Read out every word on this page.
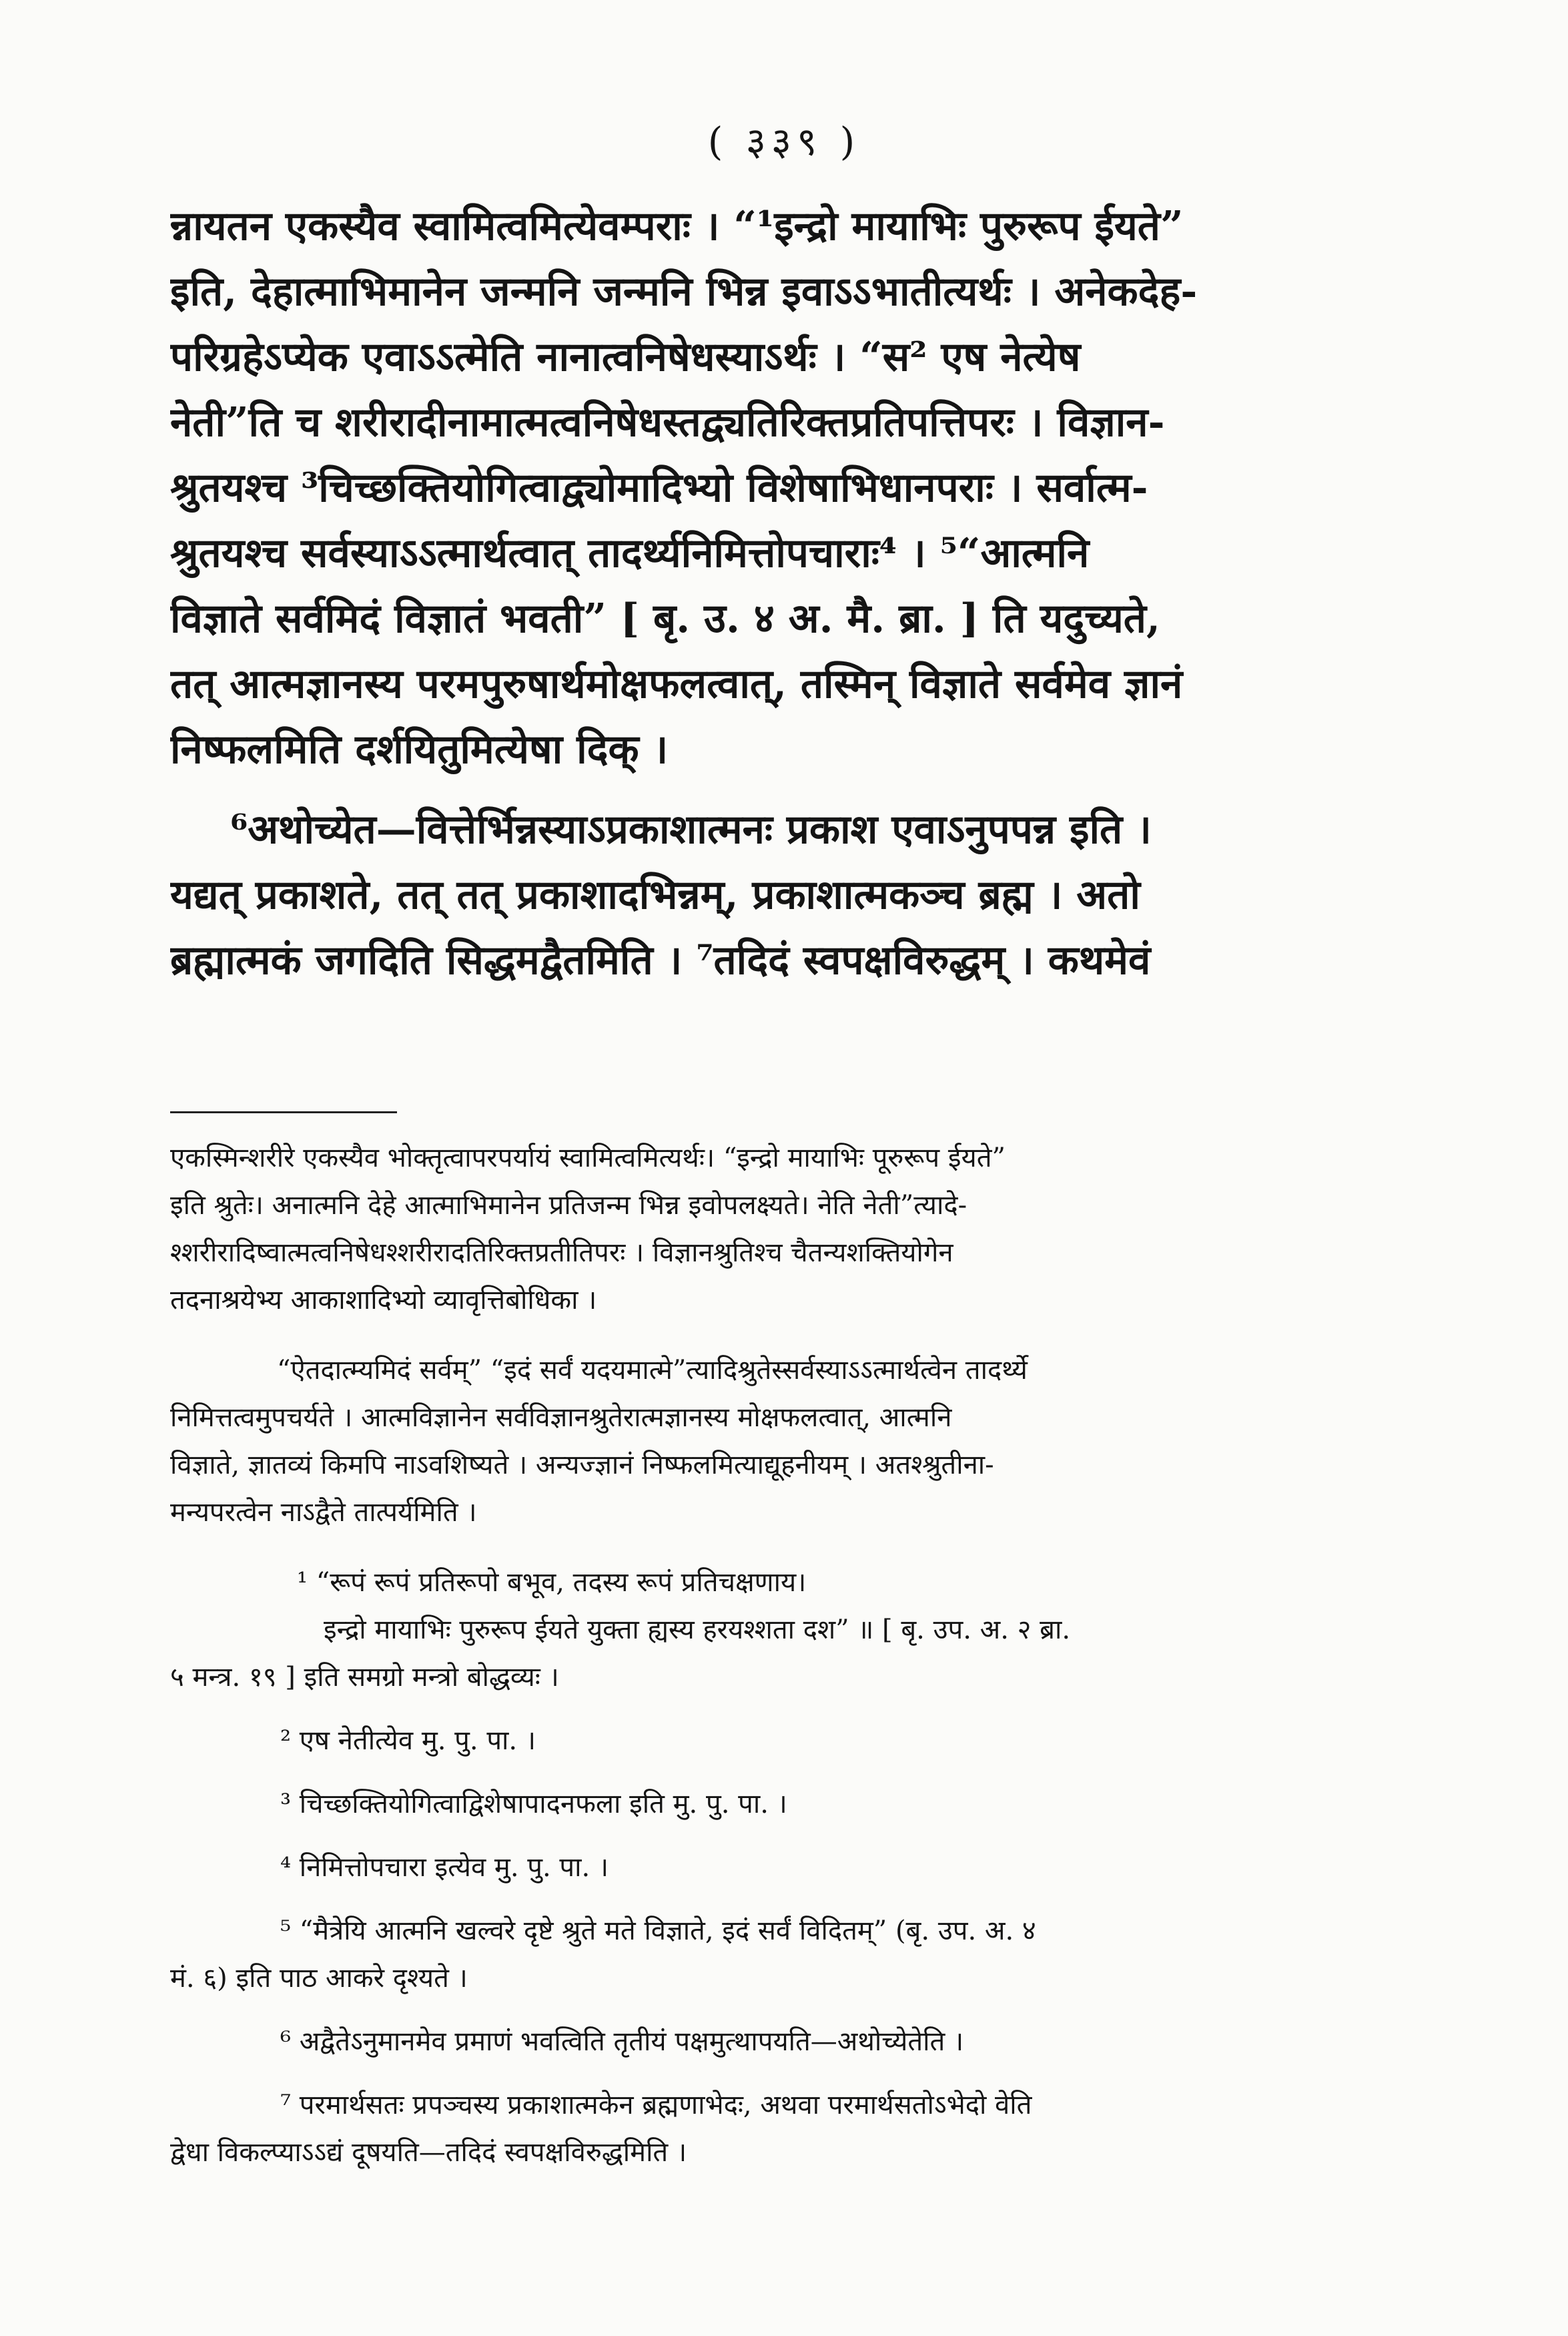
( ३३९ )
न्नायतन एकस्यैव स्वामित्वमित्येवम्पराः । “¹इन्द्रो मायाभिः पुरुरूप ईयते”
इति, देहात्माभिमानेन जन्मनि जन्मनि भिन्न इवाऽऽभातीत्यर्थः । अनेकदेह-
परिग्रहेऽप्येक एवाऽऽत्मेति नानात्वनिषेधस्याऽर्थः । “स² एष नेत्येष
नेती”ति च शरीरादीनामात्मत्वनिषेधस्तद्व्यतिरिक्तप्रतिपत्तिपरः । विज्ञान-
श्रुतयश्च ³चिच्छक्तियोगित्वाद्व्योमादिभ्यो विशेषाभिधानपराः । सर्वात्म-
श्रुतयश्च सर्वस्याऽऽत्मार्थत्वात् तादर्थ्यनिमित्तोपचाराः⁴ । ⁵“आत्मनि
विज्ञाते सर्वमिदं विज्ञातं भवती” [ बृ. उ. ४ अ. मै. ब्रा. ] ति यदुच्यते,
तत् आत्मज्ञानस्य परमपुरुषार्थमोक्षफलत्वात्, तस्मिन् विज्ञाते सर्वमेव ज्ञानं
निष्फलमिति दर्शयितुमित्येषा दिक् ।
⁶अथोच्येत—वित्तेर्भिन्नस्याऽप्रकाशात्मनः प्रकाश एवाऽनुपपन्न इति ।
यद्यत् प्रकाशते, तत् तत् प्रकाशादभिन्नम्, प्रकाशात्मकञ्च ब्रह्म । अतो
ब्रह्मात्मकं जगदिति सिद्धमद्वैतमिति । ⁷तदिदं स्वपक्षविरुद्धम् । कथमेवं
एकस्मिन्शरीरे एकस्यैव भोक्तृत्वापरपर्यायं स्वामित्वमित्यर्थः। “इन्द्रो मायाभिः पूरुरूप ईयते”
इति श्रुतेः। अनात्मनि देहे आत्माभिमानेन प्रतिजन्म भिन्न इवोपलक्ष्यते। नेति नेती”त्यादे-
श्शरीरादिष्वात्मत्वनिषेधश्शरीरादतिरिक्तप्रतीतिपरः । विज्ञानश्रुतिश्च चैतन्यशक्तियोगेन
तदनाश्रयेभ्य आकाशादिभ्यो व्यावृत्तिबोधिका ।
“ऐतदात्म्यमिदं सर्वम्” “इदं सर्वं यदयमात्मे”त्यादिश्रुतेस्सर्वस्याऽऽत्मार्थत्वेन तादर्थ्ये
निमित्तत्वमुपचर्यते । आत्मविज्ञानेन सर्वविज्ञानश्रुतेरात्मज्ञानस्य मोक्षफलत्वात्, आत्मनि
विज्ञाते, ज्ञातव्यं किमपि नाऽवशिष्यते । अन्यज्ज्ञानं निष्फलमित्याद्यूहनीयम् । अतश्श्रुतीना-
मन्यपरत्वेन नाऽद्वैते तात्पर्यमिति ।
¹ “रूपं रूपं प्रतिरूपो बभूव, तदस्य रूपं प्रतिचक्षणाय।
इन्द्रो मायाभिः पुरुरूप ईयते युक्ता ह्यस्य हरयश्शता दश” ॥ [ बृ. उप. अ. २ ब्रा.
५ मन्त्र. १९ ] इति समग्रो मन्त्रो बोद्धव्यः ।
² एष नेतीत्येव मु. पु. पा. ।
³ चिच्छक्तियोगित्वाद्विशेषापादनफला इति मु. पु. पा. ।
⁴ निमित्तोपचारा इत्येव मु. पु. पा. ।
⁵ “मैत्रेयि आत्मनि खल्वरे दृष्टे श्रुते मते विज्ञाते, इदं सर्वं विदितम्” (बृ. उप. अ. ४
मं. ६) इति पाठ आकरे दृश्यते ।
⁶ अद्वैतेऽनुमानमेव प्रमाणं भवत्विति तृतीयं पक्षमुत्थापयति—अथोच्येतेति ।
⁷ परमार्थसतः प्रपञ्चस्य प्रकाशात्मकेन ब्रह्मणाभेदः, अथवा परमार्थसतोऽभेदो वेति
द्वेधा विकल्प्याऽऽद्यं दूषयति—तदिदं स्वपक्षविरुद्धमिति ।
